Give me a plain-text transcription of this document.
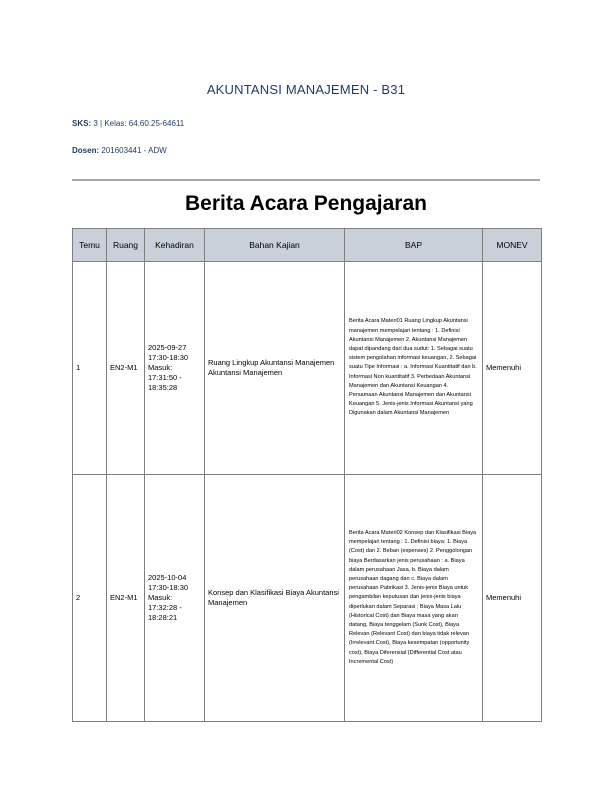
AKUNTANSI MANAJEMEN - B31
SKS: 3 | Kelas: 64.60.25-64611
Dosen: 201603441 - ADW
Berita Acara Pengajaran
Temu	Ruang	Kehadiran	Bahan Kajian	BAP	MONEV
1	EN2-M1	2025-09-27 17:30-18:30 Masuk: 17:31:50 - 18:35:28	Ruang Lingkup Akuntansi Manajemen Akuntansi Manajemen	Berita Acara Materi01 Ruang Lingkup Akuntansi manajemen mempelajari tentang : 1. Definisi Akuntansi Manajemen 2. Akuntansi Manajemen dapat dipandang dari dua sudut: 1. Sebagai suatu sistem pengolahan informasi keuangan, 2. Sebagai suatu Tipe Informasi : a. Informasi Kuantitatif dan b. Informasi Non kuantitatif 3. Perbedaan Akuntansi Manajemen dan Akuntansi Keuangan 4. Persamaan Akuntansi Manajemen dan Akuntansi Keuangan 5. Jenis-jenis Informasi Akuntansi yang Digunakan dalam Akuntansi Manajemen	Memenuhi
2	EN2-M1	2025-10-04 17:30-18:30 Masuk: 17:32:28 - 18:28:21	Konsep dan Klasifikasi Biaya Akuntansi Manajemen	Berita Acara Materi02 Konsep dan Klasifikasi Biaya mempelajari tentang : 1. Definisi biaya: 1. Biaya (Cost) dan 2. Beban (expenses) 2. Penggolongan biaya Berdasarkan jenis perusahaan : a. Biaya dalam perusahaan Jasa, b. Biaya dalam perusahaan dagang dan c. Biaya dalam perusahaan Pabrikasi 3. Jenis-jenis Biaya untuk pengambilan keputusan dan jenis-jenis biaya diperlukan dalam Separasi ; Biaya Masa Lalu (Historical Cost) dan Biaya masa yang akan datang, Biaya tenggelam (Sunk Cost), Biaya Relevan (Relevant Cost) dan biaya tidak relevan (Irrelevant Cost), Biaya kesempatan (opportunity cost), Biaya Diferensial (Differential Cost atau Incremental Cost)	Memenuhi
